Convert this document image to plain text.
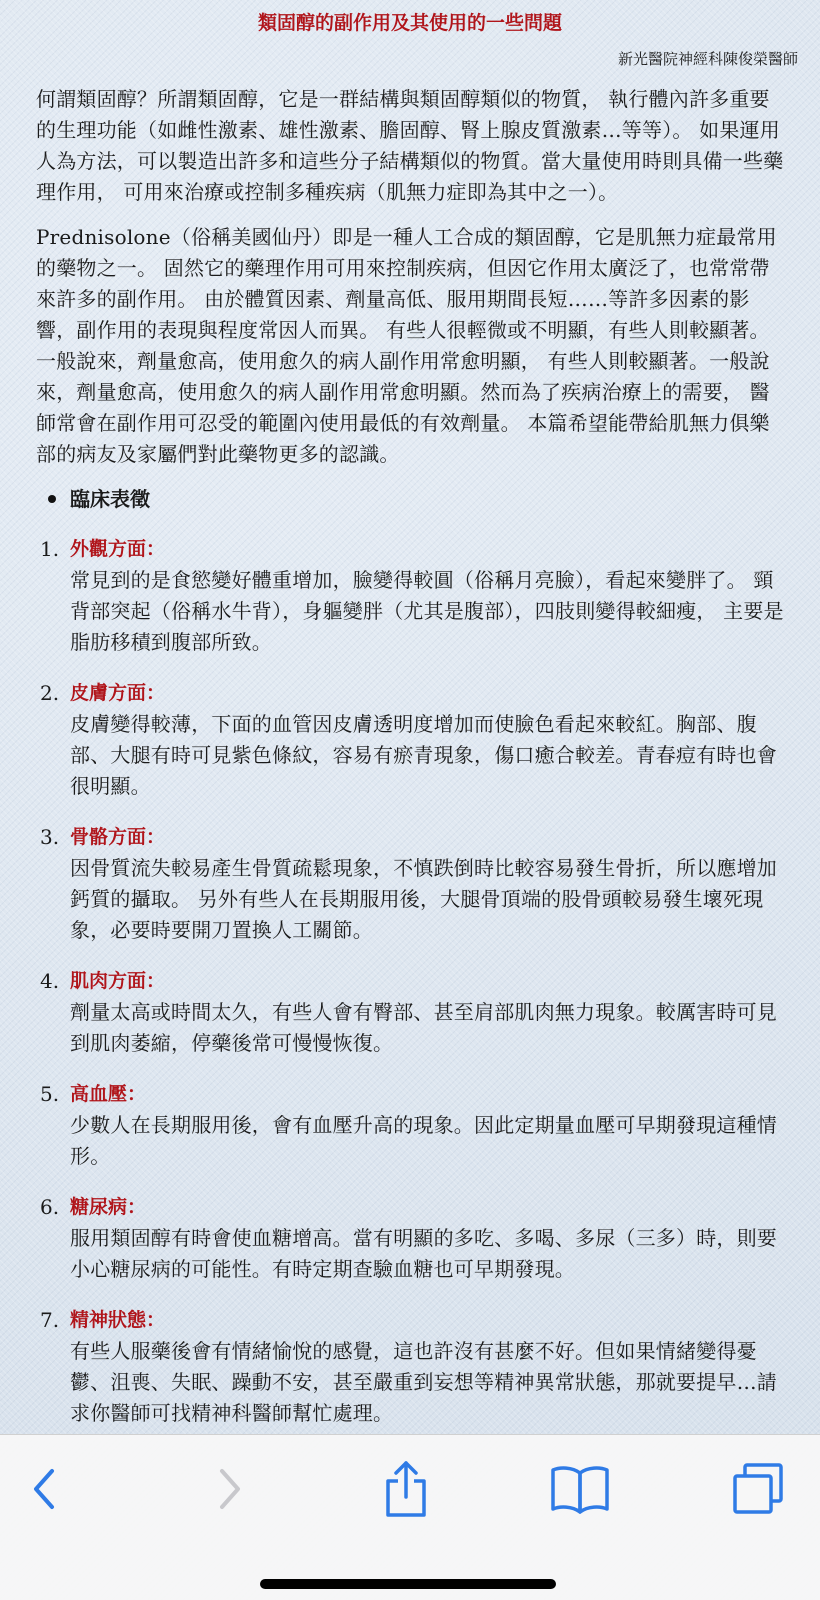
類固醇的副作用及其使用的一些問題
新光醫院神經科陳俊榮醫師

何謂類固醇？所謂類固醇，它是一群結構與類固醇類似的物質， 執行體內許多重要的生理功能（如雌性激素、雄性激素、膽固醇、腎上腺皮質激素…等等）。 如果運用人為方法，可以製造出許多和這些分子結構類似的物質。當大量使用時則具備一些藥理作用， 可用來治療或控制多種疾病（肌無力症即為其中之一）。

Prednisolone（俗稱美國仙丹）即是一種人工合成的類固醇，它是肌無力症最常用的藥物之一。 固然它的藥理作用可用來控制疾病，但因它作用太廣泛了，也常常帶來許多的副作用。 由於體質因素、劑量高低、服用期間長短……等許多因素的影響，副作用的表現與程度常因人而異。 有些人很輕微或不明顯，有些人則較顯著。一般說來，劑量愈高，使用愈久的病人副作用常愈明顯， 有些人則較顯著。一般說來，劑量愈高，使用愈久的病人副作用常愈明顯。然而為了疾病治療上的需要， 醫師常會在副作用可忍受的範圍內使用最低的有效劑量。 本篇希望能帶給肌無力俱樂部的病友及家屬們對此藥物更多的認識。

臨床表徵
1. 外觀方面：
常見到的是食慾變好體重增加，臉變得較圓（俗稱月亮臉），看起來變胖了。 頸背部突起（俗稱水牛背），身軀變胖（尤其是腹部），四肢則變得較細瘦， 主要是脂肪移積到腹部所致。
2. 皮膚方面：
皮膚變得較薄，下面的血管因皮膚透明度增加而使臉色看起來較紅。胸部、腹部、大腿有時可見紫色條紋，容易有瘀青現象，傷口癒合較差。青春痘有時也會很明顯。
3. 骨骼方面：
因骨質流失較易產生骨質疏鬆現象，不慎跌倒時比較容易發生骨折，所以應增加鈣質的攝取。 另外有些人在長期服用後，大腿骨頂端的股骨頭較易發生壞死現象，必要時要開刀置換人工關節。
4. 肌肉方面：
劑量太高或時間太久，有些人會有臀部、甚至肩部肌肉無力現象。較厲害時可見到肌肉萎縮，停藥後常可慢慢恢復。
5. 高血壓：
少數人在長期服用後，會有血壓升高的現象。因此定期量血壓可早期發現這種情形。
6. 糖尿病：
服用類固醇有時會使血糖增高。當有明顯的多吃、多喝、多尿（三多）時，則要小心糖尿病的可能性。有時定期查驗血糖也可早期發現。
7. 精神狀態：
有些人服藥後會有情緒愉悅的感覺，這也許沒有甚麼不好。但如果情緒變得憂鬱、沮喪、失眠、躁動不安，甚至嚴重到妄想等精神異常狀態，那就要提早…請求你醫師可找精神科醫師幫忙處理。
